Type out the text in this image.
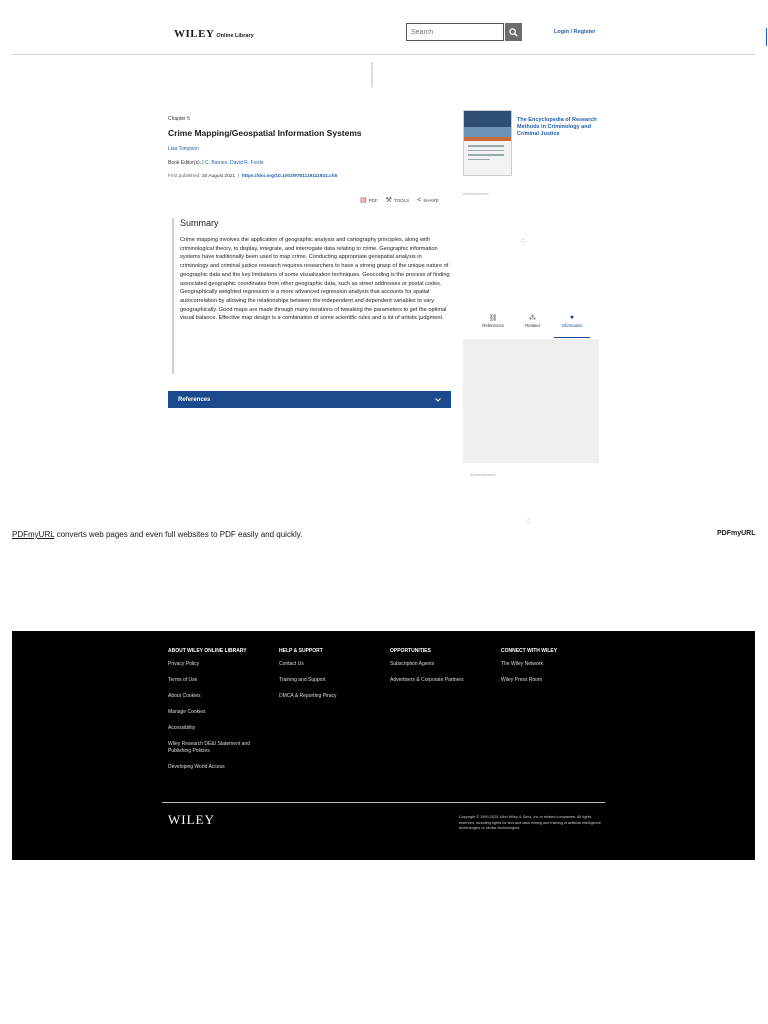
WILEY Online Library
Search
Login / Register
Advertisement
Chapter 5
Crime Mapping/Geospatial Information Systems
Lisa Tompson
Book Editor(s):J.C. Barnes, David R. Forde
First published: 20 August 2021  |  https://doi.org/10.1002/9781119111931.ch5
▤ PDF ⚒ TOOLS < SHARE
Summary

Crime mapping involves the application of geographic analysis and cartography principles, along with criminological theory, to display, integrate, and interrogate data relating to crime. Geographic information systems have traditionally been used to map crime. Conducting appropriate geospatial analysis in criminology and criminal justice research requires researchers to have a strong grasp of the unique nature of geographic data and the key limitations of some visualization techniques. Geocoding is the process of finding associated geographic coordinates from other geographic data, such as street addresses or postal codes. Geographically weighted regression is a more advanced regression analysis that accounts for spatial autocorrelation by allowing the relationships between the independent and dependent variables to vary geographically. Good maps are made through many iterations of tweaking the parameters to get the optimal visual balance. Effective map design is a combination of some scientific rules and a lot of artistic judgment.

References
The Encyclopedia of Research Methods in Criminology and Criminal Justice
Advertisement
⁘
⛓
References
⁂
Related
●
Information
Advertisement
⁘
PDFmyURL converts web pages and even full websites to PDF easily and quickly.	PDFmyURL
ABOUT WILEY ONLINE LIBRARY
Privacy Policy
Terms of Use
About Cookies
Manage Cookies
Accessibility
Wiley Research DE&I Statement and Publishing Policies
Developing World Access
HELP & SUPPORT
Contact Us
Training and Support
DMCA & Reporting Piracy
OPPORTUNITIES
Subscription Agents
Advertisers & Corporate Partners
CONNECT WITH WILEY
The Wiley Network
Wiley Press Room
WILEY	Copyright © 1999-2025 John Wiley & Sons, Inc or related companies. All rights reserved, including rights for text and data mining and training of artificial intelligence technologies or similar technologies.
